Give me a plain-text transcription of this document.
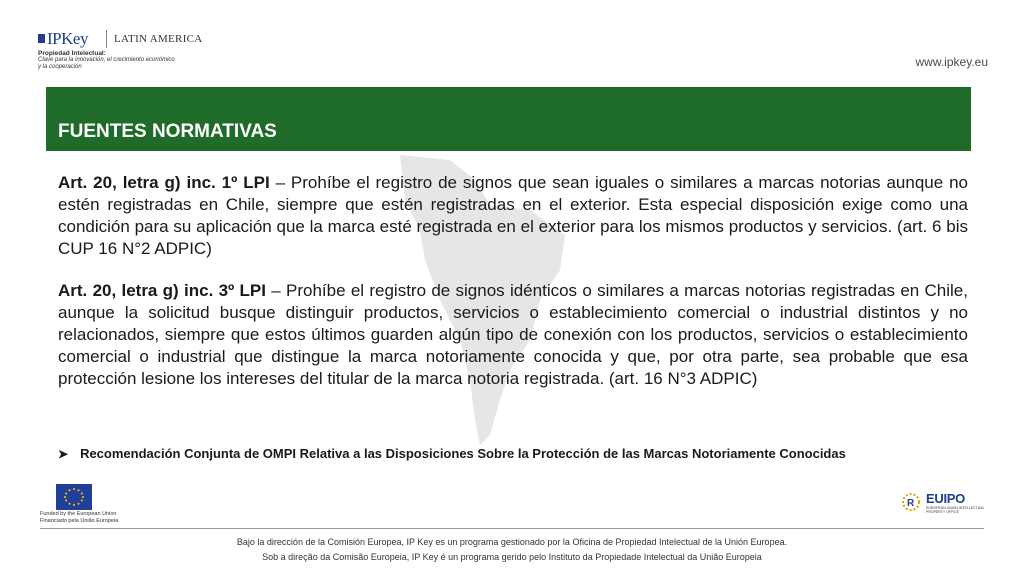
IPKey LATIN AMERICA
Propiedad Intelectual:
Clave para la innovación, el crecimiento económico
y la cooperación	www.ipkey.eu
FUENTES NORMATIVAS
Art. 20, letra g) inc. 1º LPI – Prohíbe el registro de signos que sean iguales o similares a marcas notorias aunque no estén registradas en Chile, siempre que estén registradas en el exterior. Esta especial disposición exige como una condición para su aplicación que la marca esté registrada en el exterior para los mismos productos y servicios. (art. 6 bis CUP 16 N°2 ADPIC)
Art. 20, letra g) inc. 3º LPI – Prohíbe el registro de signos idénticos o similares a marcas notorias registradas en Chile, aunque la solicitud busque distinguir productos, servicios o establecimiento comercial o industrial distintos y no relacionados, siempre que estos últimos guarden algún tipo de conexión con los productos, servicios o establecimiento comercial o industrial que distingue la marca notoriamente conocida y que, por otra parte, sea probable que esa protección lesione los intereses del titular de la marca notoria registrada. (art. 16 N°3 ADPIC)
➤ Recomendación Conjunta de OMPI Relativa a las Disposiciones Sobre la Protección de las Marcas Notoriamente Conocidas
Funded by the European Union
Financiado pela União Europeia
R EUIPO
EUROPEAN UNION INTELLECTUAL PROPERTY OFFICE
Bajo la dirección de la Comisión Europea, IP Key es un programa gestionado por la Oficina de Propiedad Intelectual de la Unión Europea.
Sob a direção da Comisão Europeia, IP Key é un programa gerido pelo Instituto da Propiedade Intelectual da União Europeia
